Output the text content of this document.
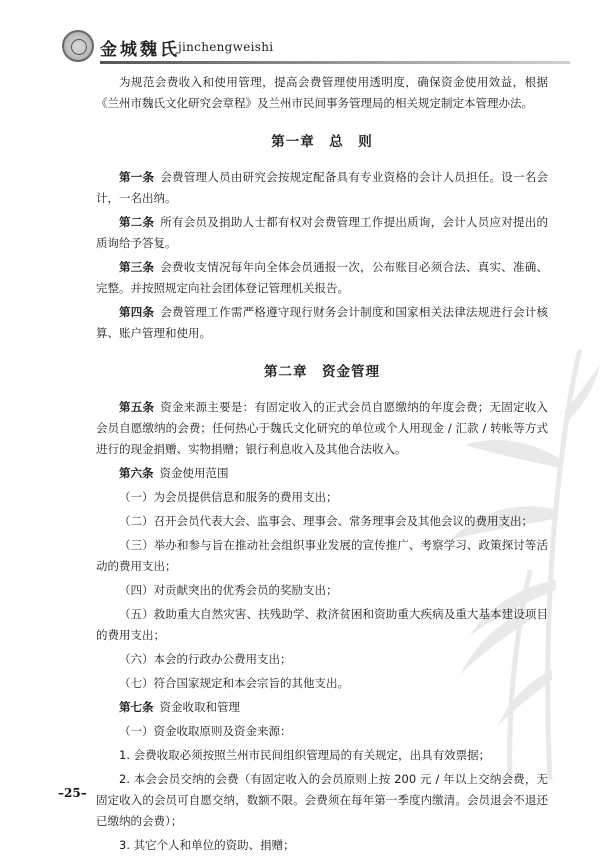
金城魏氏
jinchengweishi

为规范会费收入和使用管理，提高会费管理使用透明度，确保资金使用效益，根据《兰州市魏氏文化研究会章程》及兰州市民间事务管理局的相关规定制定本管理办法。

第一章　总　则

第一条 会费管理人员由研究会按规定配备具有专业资格的会计人员担任。设一名会计，一名出纳。

第二条 所有会员及捐助人士都有权对会费管理工作提出质询，会计人员应对提出的质询给予答复。

第三条 会费收支情况每年向全体会员通报一次，公布账目必须合法、真实、准确、完整。并按照规定向社会团体登记管理机关报告。

第四条 会费管理工作需严格遵守现行财务会计制度和国家相关法律法规进行会计核算、账户管理和使用。

第二章　资金管理

第五条 资金来源主要是：有固定收入的正式会员自愿缴纳的年度会费；无固定收入会员自愿缴纳的会费；任何热心于魏氏文化研究的单位或个人用现金 / 汇款 / 转帐等方式进行的现金捐赠、实物捐赠；银行利息收入及其他合法收入。

第六条 资金使用范围

（一）为会员提供信息和服务的费用支出；

（二）召开会员代表大会、监事会、理事会、常务理事会及其他会议的费用支出；

（三）举办和参与旨在推动社会组织事业发展的宣传推广、考察学习、政策探讨等活动的费用支出；

（四）对贡献突出的优秀会员的奖励支出；

（五）救助重大自然灾害、扶残助学、救济贫困和资助重大疾病及重大基本建设项目的费用支出；

（六）本会的行政办公费用支出；

（七）符合国家规定和本会宗旨的其他支出。

第七条 资金收取和管理

（一）资金收取原则及资金来源：

1. 会费收取必须按照兰州市民间组织管理局的有关规定，出具有效票据；

2. 本会会员交纳的会费（有固定收入的会员原则上按 200 元 / 年以上交纳会费，无固定收入的会员可自愿交纳，数额不限。会费须在每年第一季度内缴清。会员退会不退还已缴纳的会费）；

3. 其它个人和单位的资助、捐赠；

–25–
